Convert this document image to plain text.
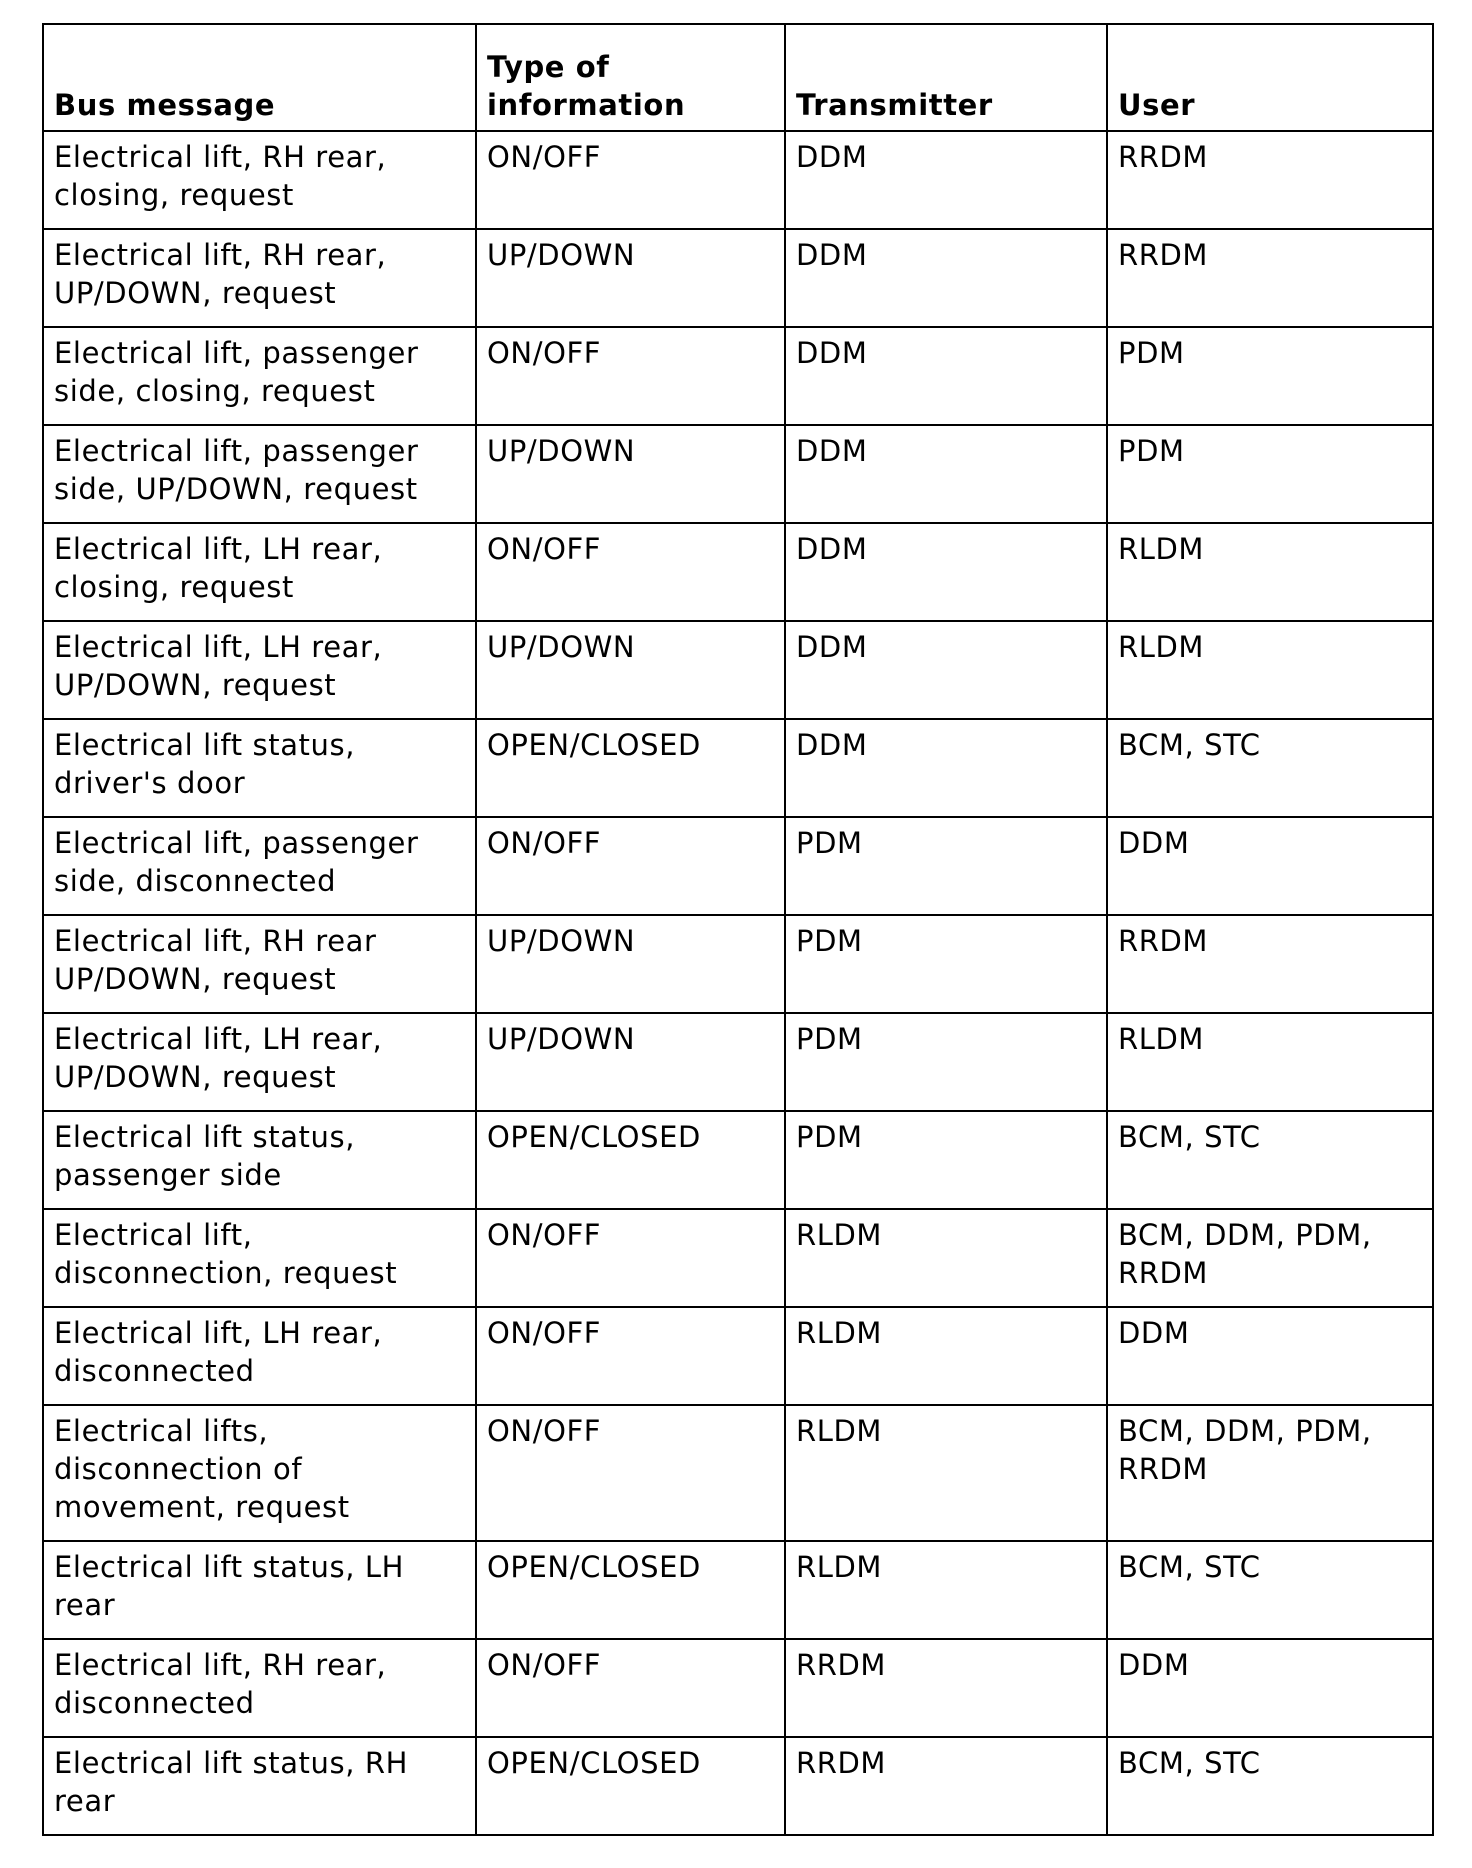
Bus message	Type of
information	Transmitter	User
Electrical lift, RH rear,
closing, request	ON/OFF	DDM	RRDM
Electrical lift, RH rear,
UP/DOWN, request	UP/DOWN	DDM	RRDM
Electrical lift, passenger
side, closing, request	ON/OFF	DDM	PDM
Electrical lift, passenger
side, UP/DOWN, request	UP/DOWN	DDM	PDM
Electrical lift, LH rear,
closing, request	ON/OFF	DDM	RLDM
Electrical lift, LH rear,
UP/DOWN, request	UP/DOWN	DDM	RLDM
Electrical lift status,
driver's door	OPEN/CLOSED	DDM	BCM, STC
Electrical lift, passenger
side, disconnected	ON/OFF	PDM	DDM
Electrical lift, RH rear
UP/DOWN, request	UP/DOWN	PDM	RRDM
Electrical lift, LH rear,
UP/DOWN, request	UP/DOWN	PDM	RLDM
Electrical lift status,
passenger side	OPEN/CLOSED	PDM	BCM, STC
Electrical lift,
disconnection, request	ON/OFF	RLDM	BCM, DDM, PDM,
RRDM
Electrical lift, LH rear,
disconnected	ON/OFF	RLDM	DDM
Electrical lifts,
disconnection of
movement, request	ON/OFF	RLDM	BCM, DDM, PDM,
RRDM
Electrical lift status, LH
rear	OPEN/CLOSED	RLDM	BCM, STC
Electrical lift, RH rear,
disconnected	ON/OFF	RRDM	DDM
Electrical lift status, RH
rear	OPEN/CLOSED	RRDM	BCM, STC
